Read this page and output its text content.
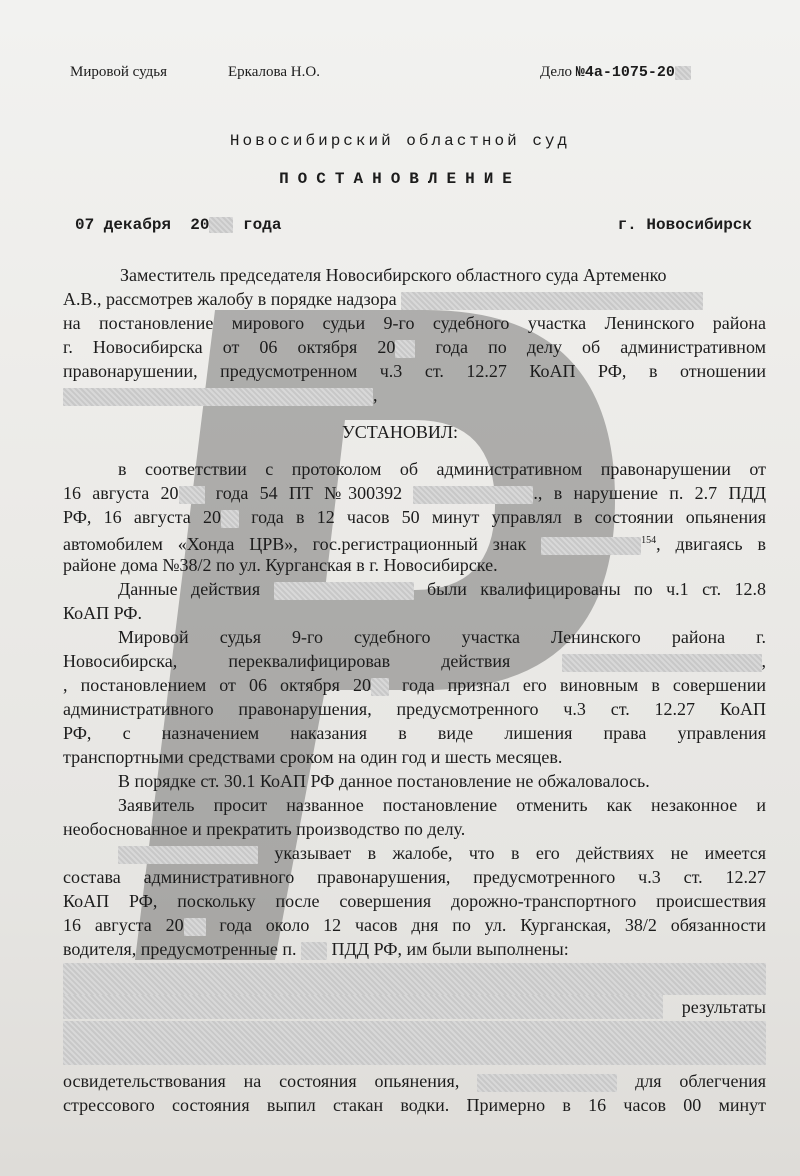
Мировой судья	Еркалова Н.О.	Дело №4а-1075-20
Новосибирский областной суд
ПОСТАНОВЛЕНИЕ
07 декабря  20 года	г. Новосибирск
Заместитель председателя Новосибирского областного суда Артеменко
А.В., рассмотрев жалобу в порядке надзора
на постановление мирового судьи 9-го судебного участка Ленинского района
г. Новосибирска от 06 октября 20 года по делу об административном
правонарушении, предусмотренном ч.3 ст. 12.27 КоАП РФ, в отношении
,
УСТАНОВИЛ:
в соответствии с протоколом об административном правонарушении от
16 августа 20 года 54 ПТ №300392	., в нарушение п. 2.7 ПДД
РФ, 16 августа 20 года в 12 часов 50 минут управлял в состоянии опьянения
автомобилем «Хонда ЦРВ», гос.регистрационный знак	$^{154}$, двигаясь в
районе дома №38/2 по ул. Курганская в г. Новосибирске.
Данные действия	были квалифицированы по ч.1 ст. 12.8
КоАП РФ.
Мировой судья 9-го судебного участка Ленинского района г.
Новосибирска, переквалифицировав действия	,
, постановлением от 06 октября 20 года признал его виновным в совершении
административного правонарушения, предусмотренного ч.3 ст. 12.27 КоАП
РФ, с назначением наказания в виде лишения права управления
транспортными средствами сроком на один год и шесть месяцев.
В порядке ст. 30.1 КоАП РФ данное постановление не обжаловалось.
Заявитель просит названное постановление отменить как незаконное и
необоснованное и прекратить производство по делу.
указывает в жалобе, что в его действиях не имеется
состава административного правонарушения, предусмотренного ч.3 ст. 12.27
КоАП РФ, поскольку после совершения дорожно-транспортного происшествия
16 августа 20 года около 12 часов дня по ул. Курганская, 38/2 обязанности
водителя, предусмотренные п. ПДД РФ, им были выполнены:
результаты
освидетельствования на состояния опьянения,	для облегчения
стрессового состояния выпил стакан водки. Примерно в 16 часов 00 минут
